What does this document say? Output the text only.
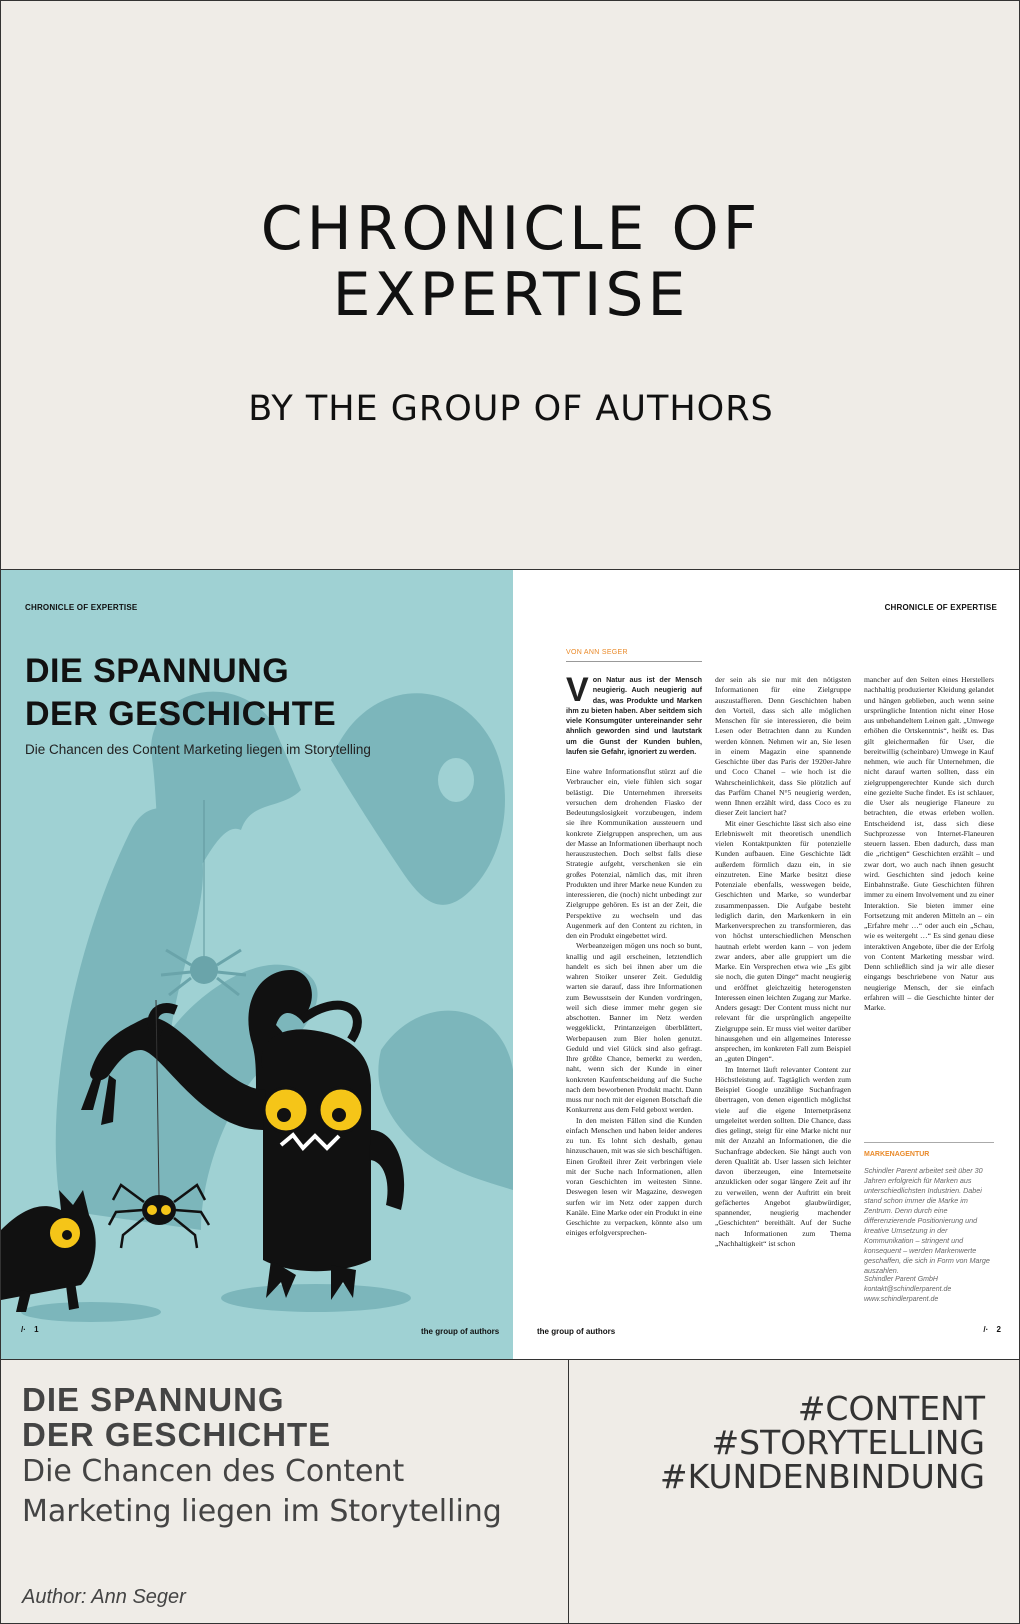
CHRONICLE OF
EXPERTISE
BY THE GROUP OF AUTHORS
CHRONICLE OF EXPERTISE
DIE SPANNUNG
DER GESCHICHTE
Die Chancen des Content Marketing liegen im Storytelling
/· 1	the group of authors
CHRONICLE OF EXPERTISE
VON ANN SEGER
V on Natur aus ist der Mensch neugierig. Auch neugierig auf das, was Produkte und Marken ihm zu bieten haben. Aber seitdem sich viele Konsumgüter untereinander sehr ähnlich geworden sind und lautstark um die Gunst der Kunden buhlen, laufen sie Gefahr, ignoriert zu werden.

Eine wahre Informationsflut stürzt auf die Verbraucher ein, viele fühlen sich sogar belästigt. Die Unternehmen ihrerseits versuchen dem drohenden Fiasko der Bedeutungslosigkeit vorzubeugen, indem sie ihre Kommunikation aussteuern und konkrete Zielgruppen ansprechen, um aus der Masse an Informationen überhaupt noch herauszustechen. Doch selbst falls diese Strategie aufgeht, verschenken sie ein großes Potenzial, nämlich das, mit ihren Produkten und ihrer Marke neue Kunden zu interessieren, die (noch) nicht unbedingt zur Zielgruppe gehören. Es ist an der Zeit, die Perspektive zu wechseln und das Augenmerk auf den Content zu richten, in den ein Produkt eingebettet wird.

Werbeanzeigen mögen uns noch so bunt, knallig und agil erscheinen, letztendlich handelt es sich bei ihnen aber um die wahren Stoiker unserer Zeit. Geduldig warten sie darauf, dass ihre Informationen zum Bewusstsein der Kunden vordringen, weil sich diese immer mehr gegen sie abschotten. Banner im Netz werden weggeklickt, Printanzeigen überblättert, Werbepausen zum Bier holen genutzt. Geduld und viel Glück sind also gefragt. Ihre größte Chance, bemerkt zu werden, naht, wenn sich der Kunde in einer konkreten Kaufentscheidung auf die Suche nach dem beworbenen Produkt macht. Dann muss nur noch mit der eigenen Botschaft die Konkurrenz aus dem Feld geboxt werden.

In den meisten Fällen sind die Kunden einfach Menschen und haben leider anderes zu tun. Es lohnt sich deshalb, genau hinzuschauen, mit was sie sich beschäftigen. Einen Großteil ihrer Zeit verbringen viele mit der Suche nach Informationen, allen voran Geschichten im weitesten Sinne. Deswegen lesen wir Magazine, deswegen surfen wir im Netz oder zappen durch Kanäle. Eine Marke oder ein Produkt in eine Geschichte zu verpacken, könnte also um einiges erfolgversprechen-

der sein als sie nur mit den nötigsten Informationen für eine Zielgruppe auszustaffieren. Denn Geschichten haben den Vorteil, dass sich alle möglichen Menschen für sie interessieren, die beim Lesen oder Betrachten dann zu Kunden werden können. Nehmen wir an, Sie lesen in einem Magazin eine spannende Geschichte über das Paris der 1920er-Jahre und Coco Chanel – wie hoch ist die Wahrscheinlichkeit, dass Sie plötzlich auf das Parfüm Chanel N°5 neugierig werden, wenn Ihnen erzählt wird, dass Coco es zu dieser Zeit lanciert hat?

Mit einer Geschichte lässt sich also eine Erlebniswelt mit theoretisch unendlich vielen Kontaktpunkten für potenzielle Kunden aufbauen. Eine Geschichte lädt außerdem förmlich dazu ein, in sie einzutreten. Eine Marke besitzt diese Potenziale ebenfalls, wesswegen beide, Geschichten und Marke, so wunderbar zusammenpassen. Die Aufgabe besteht lediglich darin, den Markenkern in ein Markenversprechen zu transformieren, das von höchst unterschiedlichen Menschen hautnah erlebt werden kann – von jedem zwar anders, aber alle gruppiert um die Marke. Ein Versprechen etwa wie „Es gibt sie noch, die guten Dinge“ macht neugierig und eröffnet gleichzeitig heterogensten Interessen einen leichten Zugang zur Marke. Anders gesagt: Der Content muss nicht nur relevant für die ursprünglich angepeilte Zielgruppe sein. Er muss viel weiter darüber hinausgehen und ein allgemeines Interesse ansprechen, im konkreten Fall zum Beispiel an „guten Dingen“.

Im Internet läuft relevanter Content zur Höchstleistung auf. Tagtäglich werden zum Beispiel Google unzählige Suchanfragen übertragen, von denen eigentlich möglichst viele auf die eigene Internetpräsenz umgeleitet werden sollten. Die Chance, dass dies gelingt, steigt für eine Marke nicht nur mit der Anzahl an Informationen, die die Suchanfrage abdecken. Sie hängt auch von deren Qualität ab. User lassen sich leichter davon überzeugen, eine Internetseite anzuklicken oder sogar längere Zeit auf ihr zu verweilen, wenn der Auftritt ein breit gefächertes Angebot glaubwürdiger, spannender, neugierig machender „Geschichten“ bereithält. Auf der Suche nach Informationen zum Thema „Nachhaltigkeit“ ist schon

mancher auf den Seiten eines Herstellers nachhaltig produzierter Kleidung gelandet und hängen geblieben, auch wenn seine ursprüngliche Intention nicht einer Hose aus unbehandeltem Leinen galt. „Umwege erhöhen die Ortskenntnis“, heißt es. Das gilt gleichermaßen für User, die bereitwillig (scheinbare) Umwege in Kauf nehmen, wie auch für Unternehmen, die nicht darauf warten sollten, dass ein zielgruppengerechter Kunde sich durch eine gezielte Suche findet. Es ist schlauer, die User als neugierige Flaneure zu betrachten, die etwas erleben wollen. Entscheidend ist, dass sich diese Suchprozesse von Internet-Flaneuren steuern lassen. Eben dadurch, dass man die „richtigen“ Geschichten erzählt – und zwar dort, wo auch nach ihnen gesucht wird. Geschichten sind jedoch keine Einbahnstraße. Gute Geschichten führen immer zu einem Involvement und zu einer Interaktion. Sie bieten immer eine Fortsetzung mit anderen Mitteln an – ein „Erfahre mehr …“ oder auch ein „Schau, wie es weitergeht …“ Es sind genau diese interaktiven Angebote, über die der Erfolg von Content Marketing messbar wird. Denn schließlich sind ja wir alle dieser eingangs beschriebene von Natur aus neugierige Mensch, der sie einfach erfahren will – die Geschichte hinter der Marke.

MARKENAGENTUR
Schindler Parent arbeitet seit über 30 Jahren erfolgreich für Marken aus unterschiedlichsten Industrien. Dabei stand schon immer die Marke im Zentrum. Denn durch eine differenzierende Positionierung und kreative Umsetzung in der Kommunikation – stringent und konsequent – werden Markenwerte geschaffen, die sich in Form von Marge auszahlen.
Schindler Parent GmbH
kontakt@schindlerparent.de
www.schindlerparent.de
the group of authors	/· 2
DIE SPANNUNG
DER GESCHICHTE
Die Chancen des Content
Marketing liegen im Storytelling
Author: Ann Seger
#CONTENT
#STORYTELLING
#KUNDENBINDUNG
